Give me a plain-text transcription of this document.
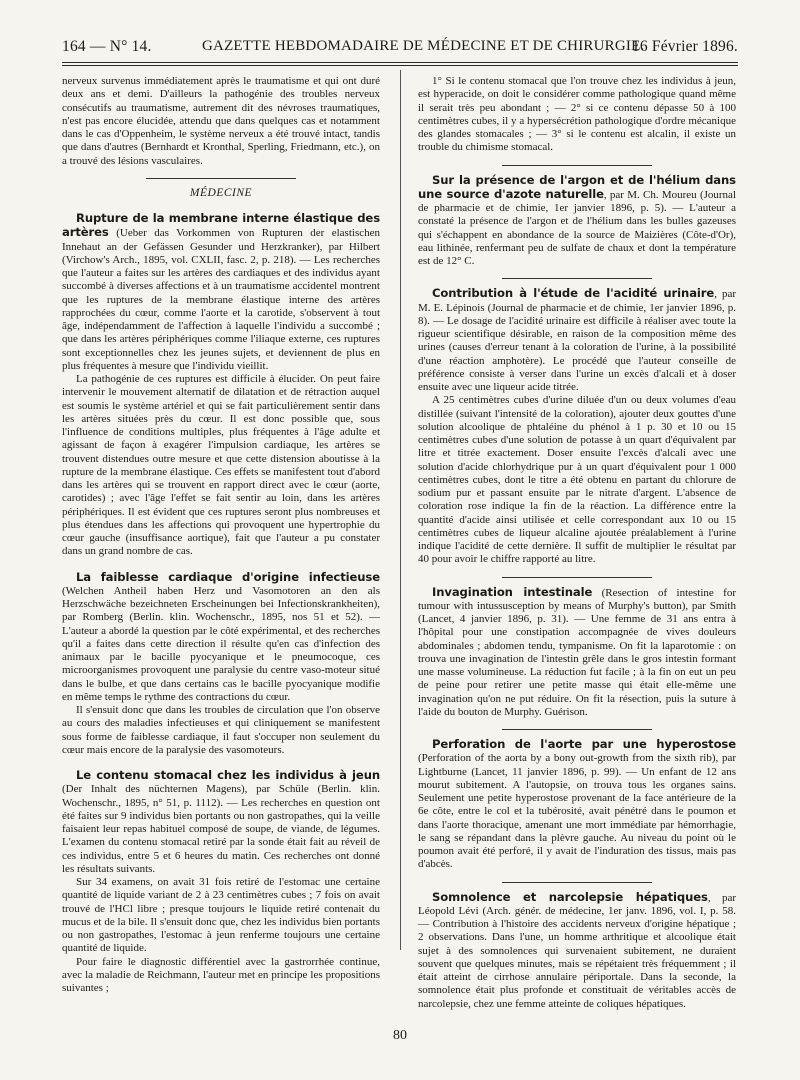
164 — N° 14.	GAZETTE HEBDOMADAIRE DE MÉDECINE ET DE CHIRURGIE.
16 Février 1896.

nerveux survenus immédiatement après le traumatisme et qui ont duré deux ans et demi. D'ailleurs la pathogénie des troubles nerveux consécutifs au traumatisme, autrement dit des névroses traumatiques, n'est pas encore élucidée, attendu que dans quelques cas et notamment dans le cas d'Oppenheim, le système nerveux a été trouvé intact, tandis que dans d'autres (Bernhardt et Kronthal, Sperling, Friedmann, etc.), on a trouvé des lésions vasculaires.

MÉDECINE

Rupture de la membrane interne élastique des artères (Ueber das Vorkommen von Rupturen der elastischen Innehaut an der Gefässen Gesunder und Herzkranker), par Hilbert (Virchow's Arch., 1895, vol. CXLII, fasc. 2, p. 218). — Les recherches que l'auteur a faites sur les artères des cardiaques et des individus ayant succombé à diverses affections et à un traumatisme accidentel montrent que les ruptures de la membrane élastique interne des artères rapprochées du cœur, comme l'aorte et la carotide, s'observent à tout âge, indépendamment de l'affection à laquelle l'individu a succombé ; que dans les artères périphériques comme l'iliaque externe, ces ruptures sont exceptionnelles chez les jeunes sujets, et deviennent de plus en plus fréquentes à mesure que l'individu vieillit.

La pathogénie de ces ruptures est difficile à élucider. On peut faire intervenir le mouvement alternatif de dilatation et de rétraction auquel est soumis le système artériel et qui se fait particulièrement sentir dans les artères situées près du cœur. Il est donc possible que, sous l'influence de conditions multiples, plus fréquentes à l'âge adulte et agissant de façon à exagérer l'impulsion cardiaque, les artères se trouvent distendues outre mesure et que cette distension aboutisse à la rupture de la membrane élastique. Ces effets se manifestent tout d'abord dans les artères qui se trouvent en rapport direct avec le cœur (aorte, carotides) ; avec l'âge l'effet se fait sentir au loin, dans les artères périphériques. Il est évident que ces ruptures seront plus nombreuses et plus étendues dans les affections qui provoquent une hypertrophie du cœur gauche (insuffisance aortique), fait que l'auteur a pu constater dans un grand nombre de cas.

La faiblesse cardiaque d'origine infectieuse (Welchen Antheil haben Herz und Vasomotoren an den als Herzschwäche bezeichneten Erscheinungen bei Infectionskrankheiten), par Romberg (Berlin. klin. Wochenschr., 1895, nos 51 et 52). — L'auteur a abordé la question par le côté expérimental, et des recherches qu'il a faites dans cette direction il résulte qu'en cas d'infection des animaux par le bacille pyocyanique et le pneumocoque, ces microorganismes provoquent une paralysie du centre vaso-moteur situé dans le bulbe, et que dans certains cas le bacille pyocyanique modifie en même temps le rythme des contractions du cœur.

Il s'ensuit donc que dans les troubles de circulation que l'on observe au cours des maladies infectieuses et qui cliniquement se manifestent sous forme de faiblesse cardiaque, il faut s'occuper non seulement du cœur mais encore de la paralysie des vasomoteurs.

Le contenu stomacal chez les individus à jeun (Der Inhalt des nüchternen Magens), par Schüle (Berlin. klin. Wochenschr., 1895, n° 51, p. 1112). — Les recherches en question ont été faites sur 9 individus bien portants ou non gastropathes, qui la veille faisaient leur repas habituel composé de soupe, de viande, de légumes. L'examen du contenu stomacal retiré par la sonde était fait au réveil de ces individus, entre 5 et 6 heures du matin. Ces recherches ont donné les résultats suivants.

Sur 34 examens, on avait 31 fois retiré de l'estomac une certaine quantité de liquide variant de 2 à 23 centimètres cubes ; 7 fois on avait trouvé de l'HCl libre ; presque toujours le liquide retiré contenait du mucus et de la bile. Il s'ensuit donc que, chez les individus bien portants ou non gastropathes, l'estomac à jeun renferme toujours une certaine quantité de liquide.

Pour faire le diagnostic différentiel avec la gastrorrhée continue, avec la maladie de Reichmann, l'auteur met en principe les propositions suivantes ;

1° Si le contenu stomacal que l'on trouve chez les individus à jeun, est hyperacide, on doit le considérer comme pathologique quand même il serait très peu abondant ; — 2° si ce contenu dépasse 50 à 100 centimètres cubes, il y a hypersécrétion pathologique d'ordre mécanique des glandes stomacales ; — 3° si le contenu est alcalin, il existe un trouble du chimisme stomacal.

Sur la présence de l'argon et de l'hélium dans une source d'azote naturelle, par M. Ch. Moureu (Journal de pharmacie et de chimie, 1er janvier 1896, p. 5). — L'auteur a constaté la présence de l'argon et de l'hélium dans les bulles gazeuses qui s'échappent en abondance de la source de Maizières (Côte-d'Or), eau lithinée, renfermant peu de sulfate de chaux et dont la température est de 12° C.

Contribution à l'étude de l'acidité urinaire, par M. E. Lépinois (Journal de pharmacie et de chimie, 1er janvier 1896, p. 8). — Le dosage de l'acidité urinaire est difficile à réaliser avec toute la rigueur scientifique désirable, en raison de la composition même des urines (causes d'erreur tenant à la coloration de l'urine, à la possibilité d'une réaction amphotère). Le procédé que l'auteur conseille de préférence consiste à verser dans l'urine un excès d'alcali et à doser ensuite avec une liqueur acide titrée.

A 25 centimètres cubes d'urine diluée d'un ou deux volumes d'eau distillée (suivant l'intensité de la coloration), ajouter deux gouttes d'une solution alcoolique de phtaléine du phénol à 1 p. 30 et 10 ou 15 centimètres cubes d'une solution de potasse à un quart d'équivalent par litre et titrée exactement. Doser ensuite l'excès d'alcali avec une solution d'acide chlorhydrique pur à un quart d'équivalent pour 1 000 centimètres cubes, dont le titre a été obtenu en partant du chlorure de sodium pur et passant ensuite par le nitrate d'argent. L'absence de coloration rose indique la fin de la réaction. La différence entre la quantité d'acide ainsi utilisée et celle correspondant aux 10 ou 15 centimètres cubes de liqueur alcaline ajoutée préalablement à l'urine indique l'acidité de cette dernière. Il suffit de multiplier le résultat par 40 pour avoir le chiffre rapporté au litre.

Invagination intestinale (Resection of intestine for tumour with intussusception by means of Murphy's button), par Smith (Lancet, 4 janvier 1896, p. 31). — Une femme de 31 ans entra à l'hôpital pour une constipation accompagnée de vives douleurs abdominales ; abdomen tendu, tympanisme. On fit la laparotomie : on trouva une invagination de l'intestin grêle dans le gros intestin formant une masse volumineuse. La réduction fut facile ; à la fin on eut un peu de peine pour retirer une petite masse qui était elle-même une invagination qu'on ne put réduire. On fit la résection, puis la suture à l'aide du bouton de Murphy. Guérison.

Perforation de l'aorte par une hyperostose (Perforation of the aorta by a bony out-growth from the sixth rib), par Lightburne (Lancet, 11 janvier 1896, p. 99). — Un enfant de 12 ans mourut subitement. A l'autopsie, on trouva tous les organes sains. Seulement une petite hyperostose provenant de la face antérieure de la 6e côte, entre le col et la tubérosité, avait pénétré dans le poumon et dans l'aorte thoracique, amenant une mort immédiate par hémorrhagie, le sang se répandant dans la plèvre gauche. Au niveau du point où le poumon avait été perforé, il y avait de l'induration des tissus, mais pas d'abcès.

Somnolence et narcolepsie hépatiques, par Léopold Lévi (Arch. génér. de médecine, 1er janv. 1896, vol. I, p. 58. — Contribution à l'histoire des accidents nerveux d'origine hépatique ; 2 observations. Dans l'une, un homme arthritique et alcoolique était sujet à des somnolences qui survenaient subitement, ne duraient souvent que quelques minutes, mais se répétaient très fréquemment ; il était atteint de cirrhose annulaire périportale. Dans la seconde, la somnolence était plus profonde et constituait de véritables accès de narcolepsie, chez une femme atteinte de coliques hépatiques.

80
